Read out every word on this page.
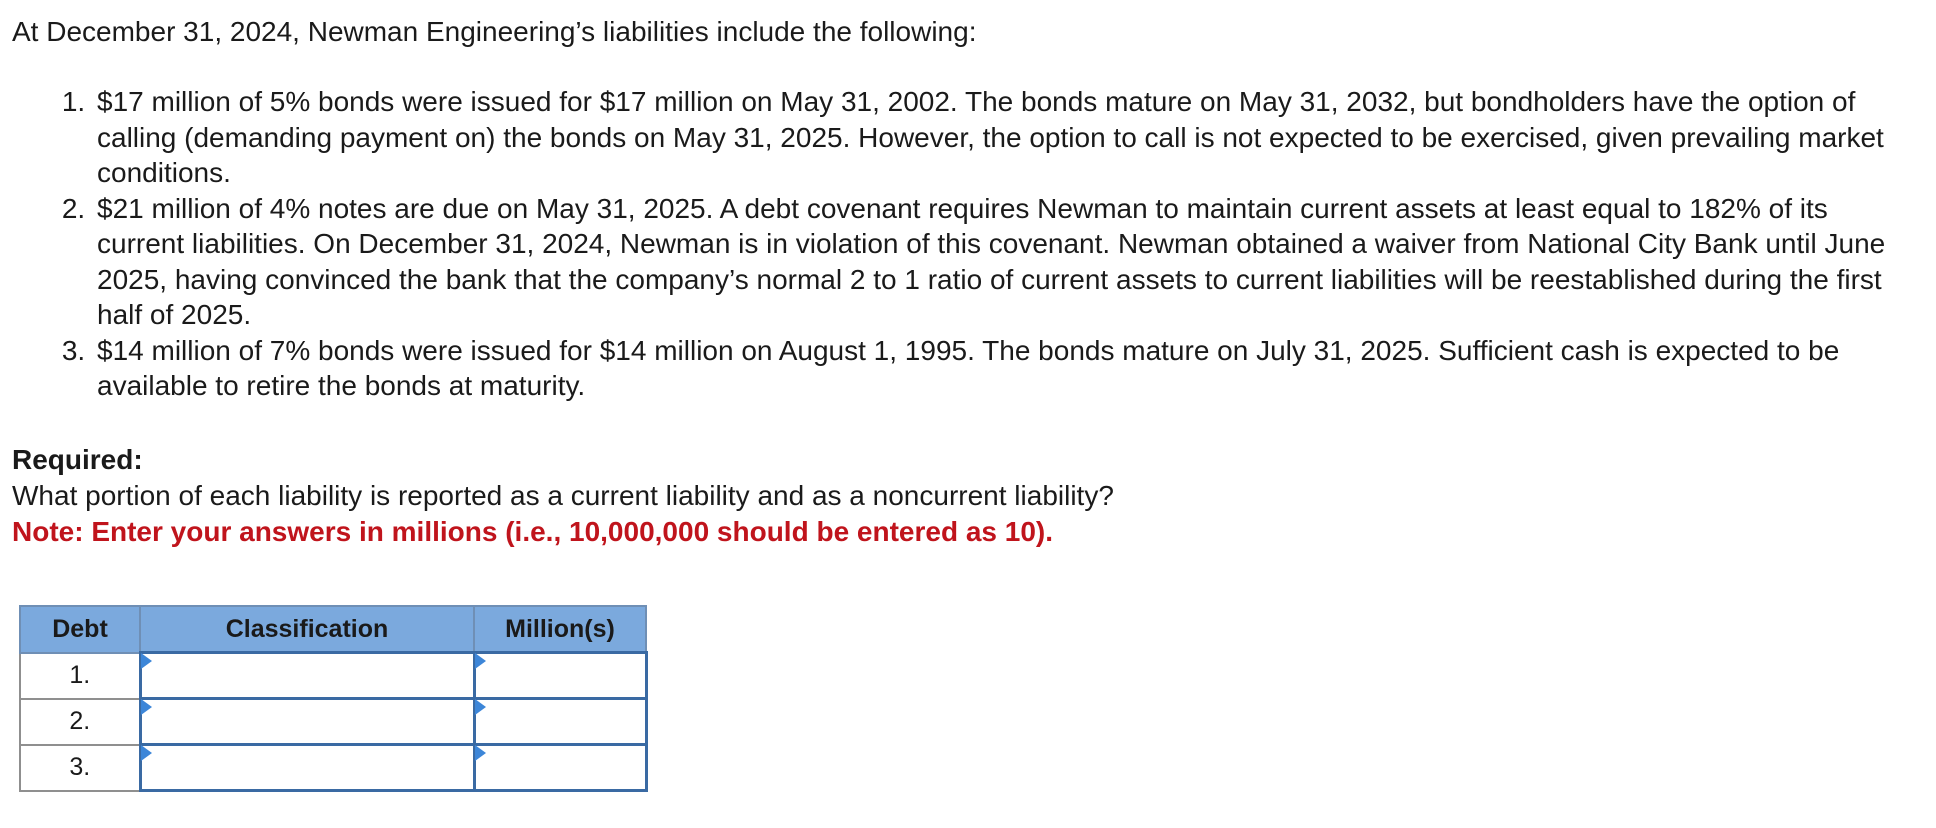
At December 31, 2024, Newman Engineering’s liabilities include the following:

1. $17 million of 5% bonds were issued for $17 million on May 31, 2002. The bonds mature on May 31, 2032, but bondholders have the option of calling (demanding payment on) the bonds on May 31, 2025. However, the option to call is not expected to be exercised, given prevailing market conditions.
2. $21 million of 4% notes are due on May 31, 2025. A debt covenant requires Newman to maintain current assets at least equal to 182% of its current liabilities. On December 31, 2024, Newman is in violation of this covenant. Newman obtained a waiver from National City Bank until June 2025, having convinced the bank that the company’s normal 2 to 1 ratio of current assets to current liabilities will be reestablished during the first half of 2025.
3. $14 million of 7% bonds were issued for $14 million on August 1, 1995. The bonds mature on July 31, 2025. Sufficient cash is expected to be available to retire the bonds at maturity.
Required:
What portion of each liability is reported as a current liability and as a noncurrent liability?
Note: Enter your answers in millions (i.e., 10,000,000 should be entered as 10).
Debt	Classification	Million(s)
1.	

2.	

3.	
